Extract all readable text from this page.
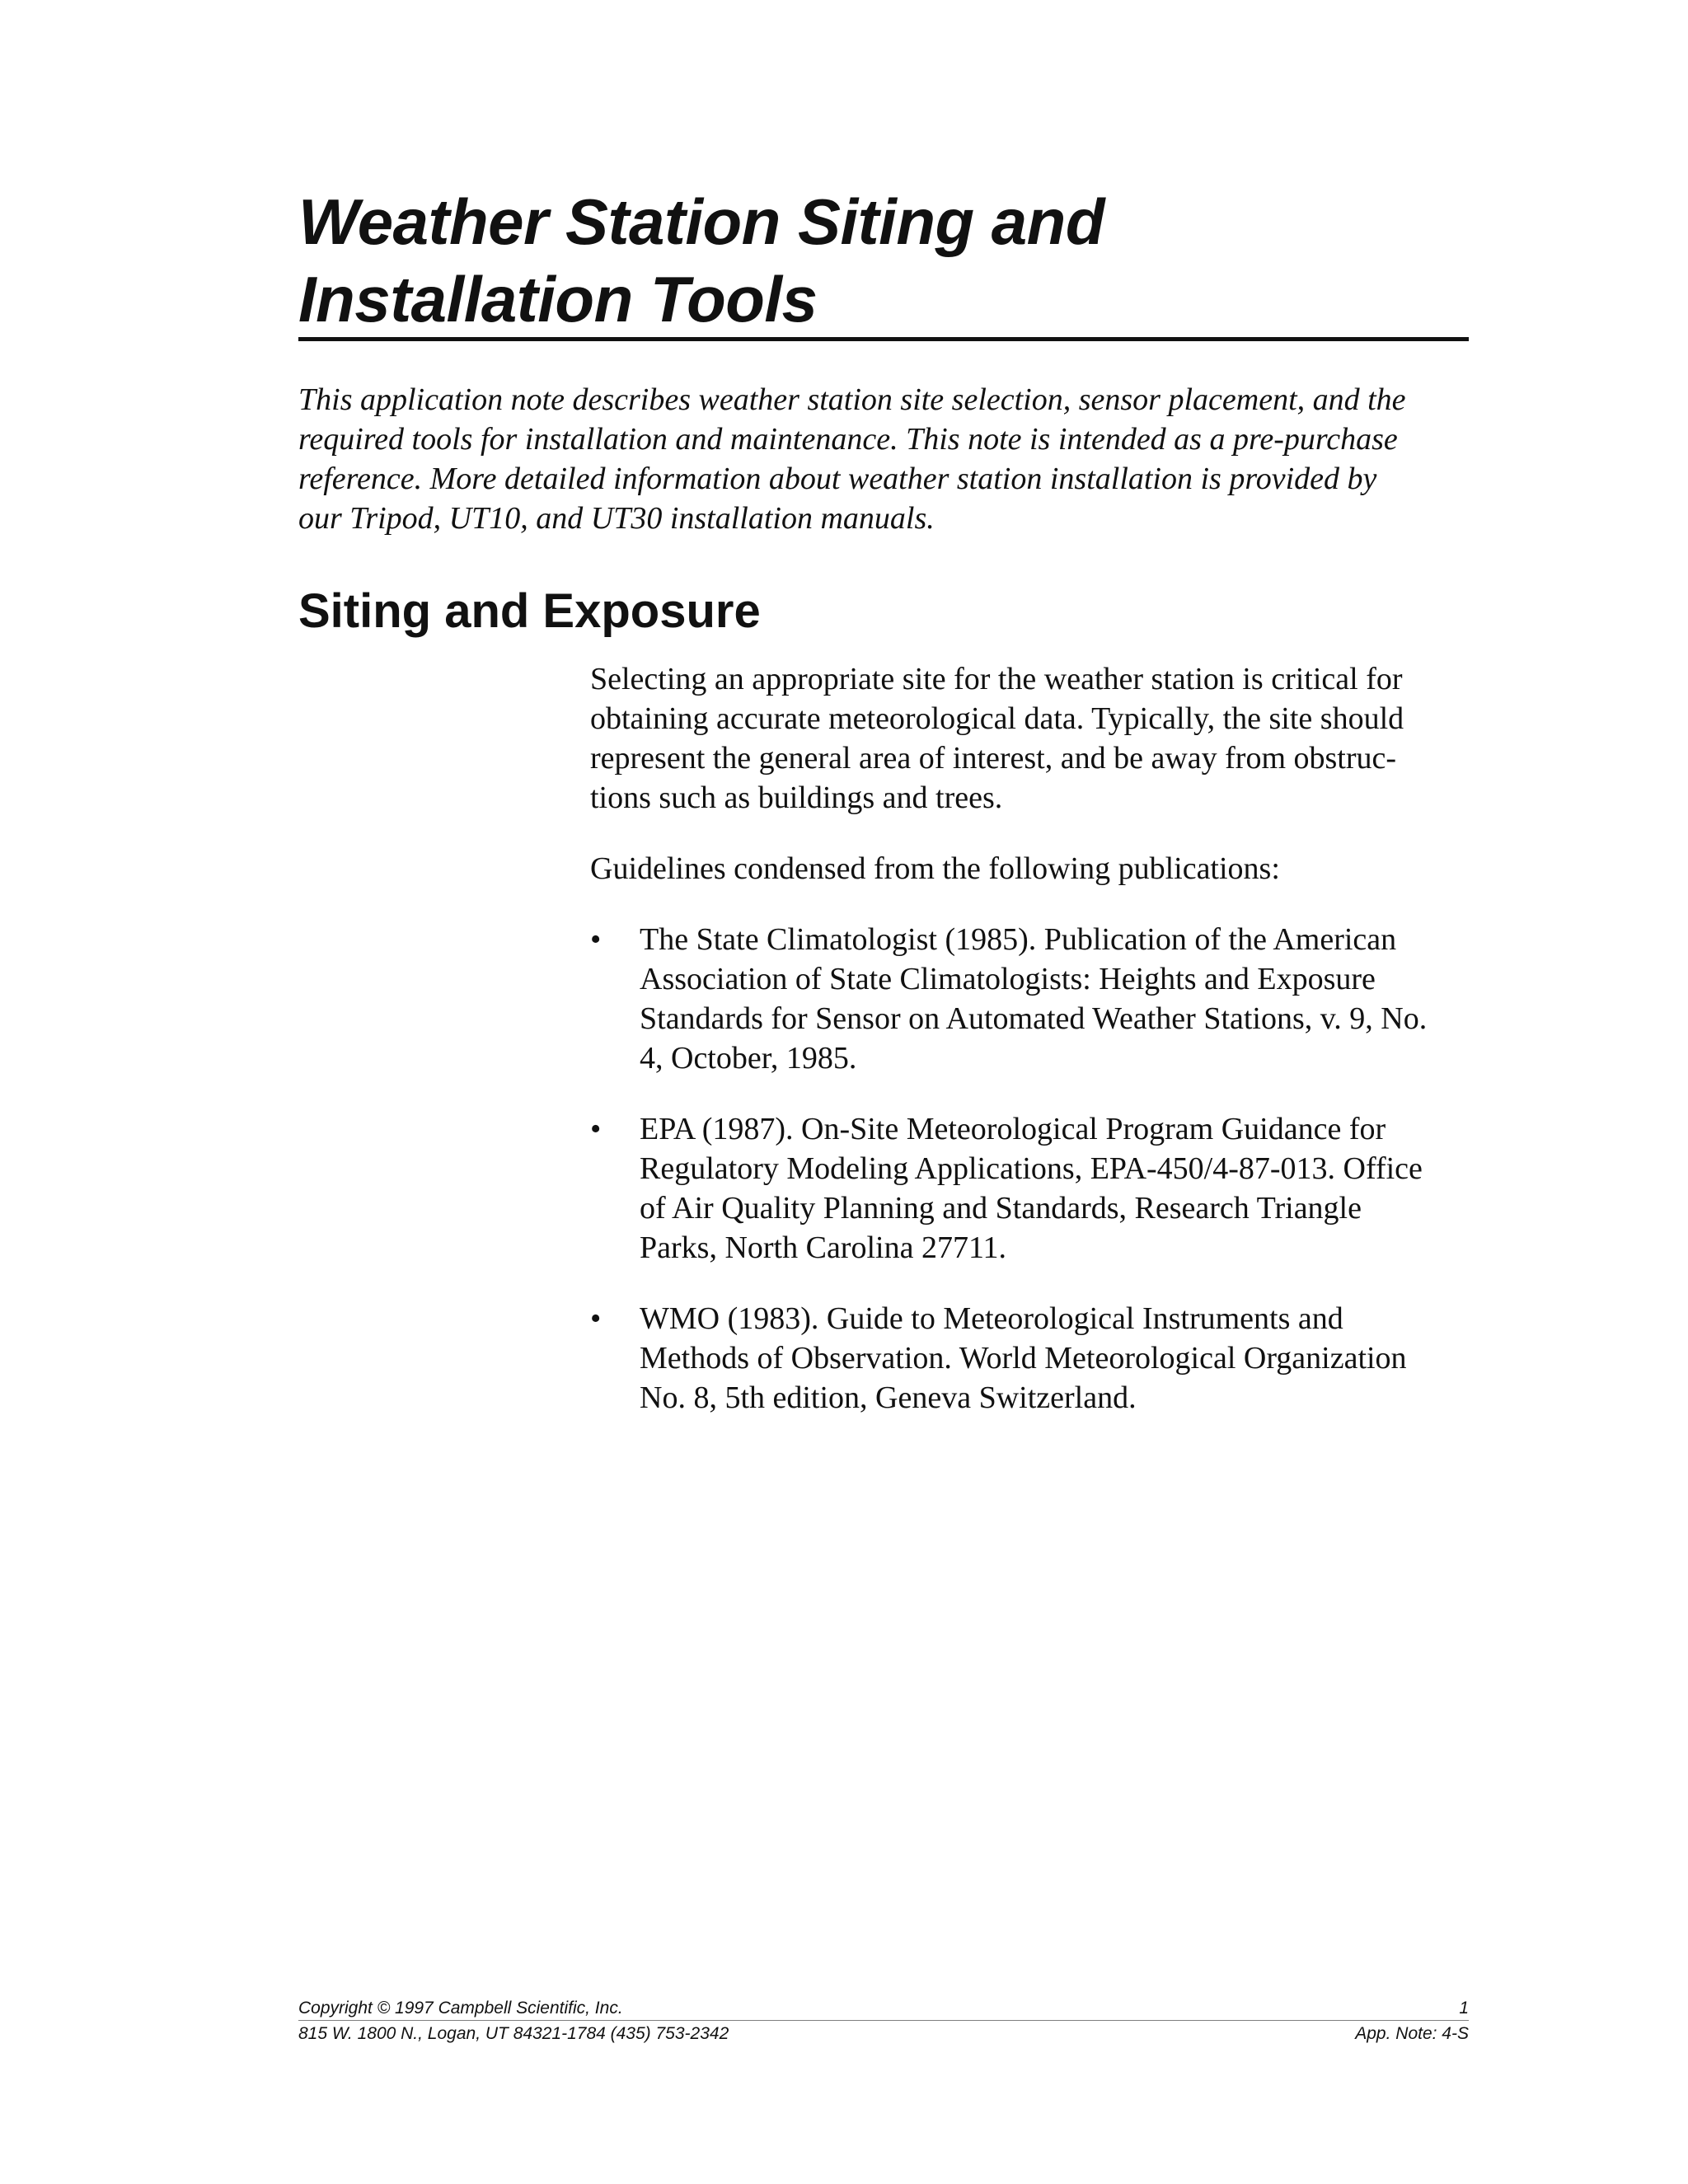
Weather Station Siting and
Installation Tools

This application note describes weather station site selection, sensor placement, and the
required tools for installation and maintenance. This note is intended as a pre-purchase
reference. More detailed information about weather station installation is provided by
our Tripod, UT10, and UT30 installation manuals.

Siting and Exposure
Selecting an appropriate site for the weather station is critical for
obtaining accurate meteorological data. Typically, the site should
represent the general area of interest, and be away from obstruc-
tions such as buildings and trees.
Guidelines condensed from the following publications:
•	The State Climatologist (1985). Publication of the American
Association of State Climatologists: Heights and Exposure
Standards for Sensor on Automated Weather Stations, v. 9, No.
4, October, 1985.
•	EPA (1987). On-Site Meteorological Program Guidance for
Regulatory Modeling Applications, EPA-450/4-87-013. Office
of Air Quality Planning and Standards, Research Triangle
Parks, North Carolina 27711.
•	WMO (1983). Guide to Meteorological Instruments and
Methods of Observation. World Meteorological Organization
No. 8, 5th edition, Geneva Switzerland.
Copyright © 1997 Campbell Scientific, Inc.	1
815 W. 1800 N., Logan, UT 84321-1784 (435) 753-2342	App. Note: 4-S
